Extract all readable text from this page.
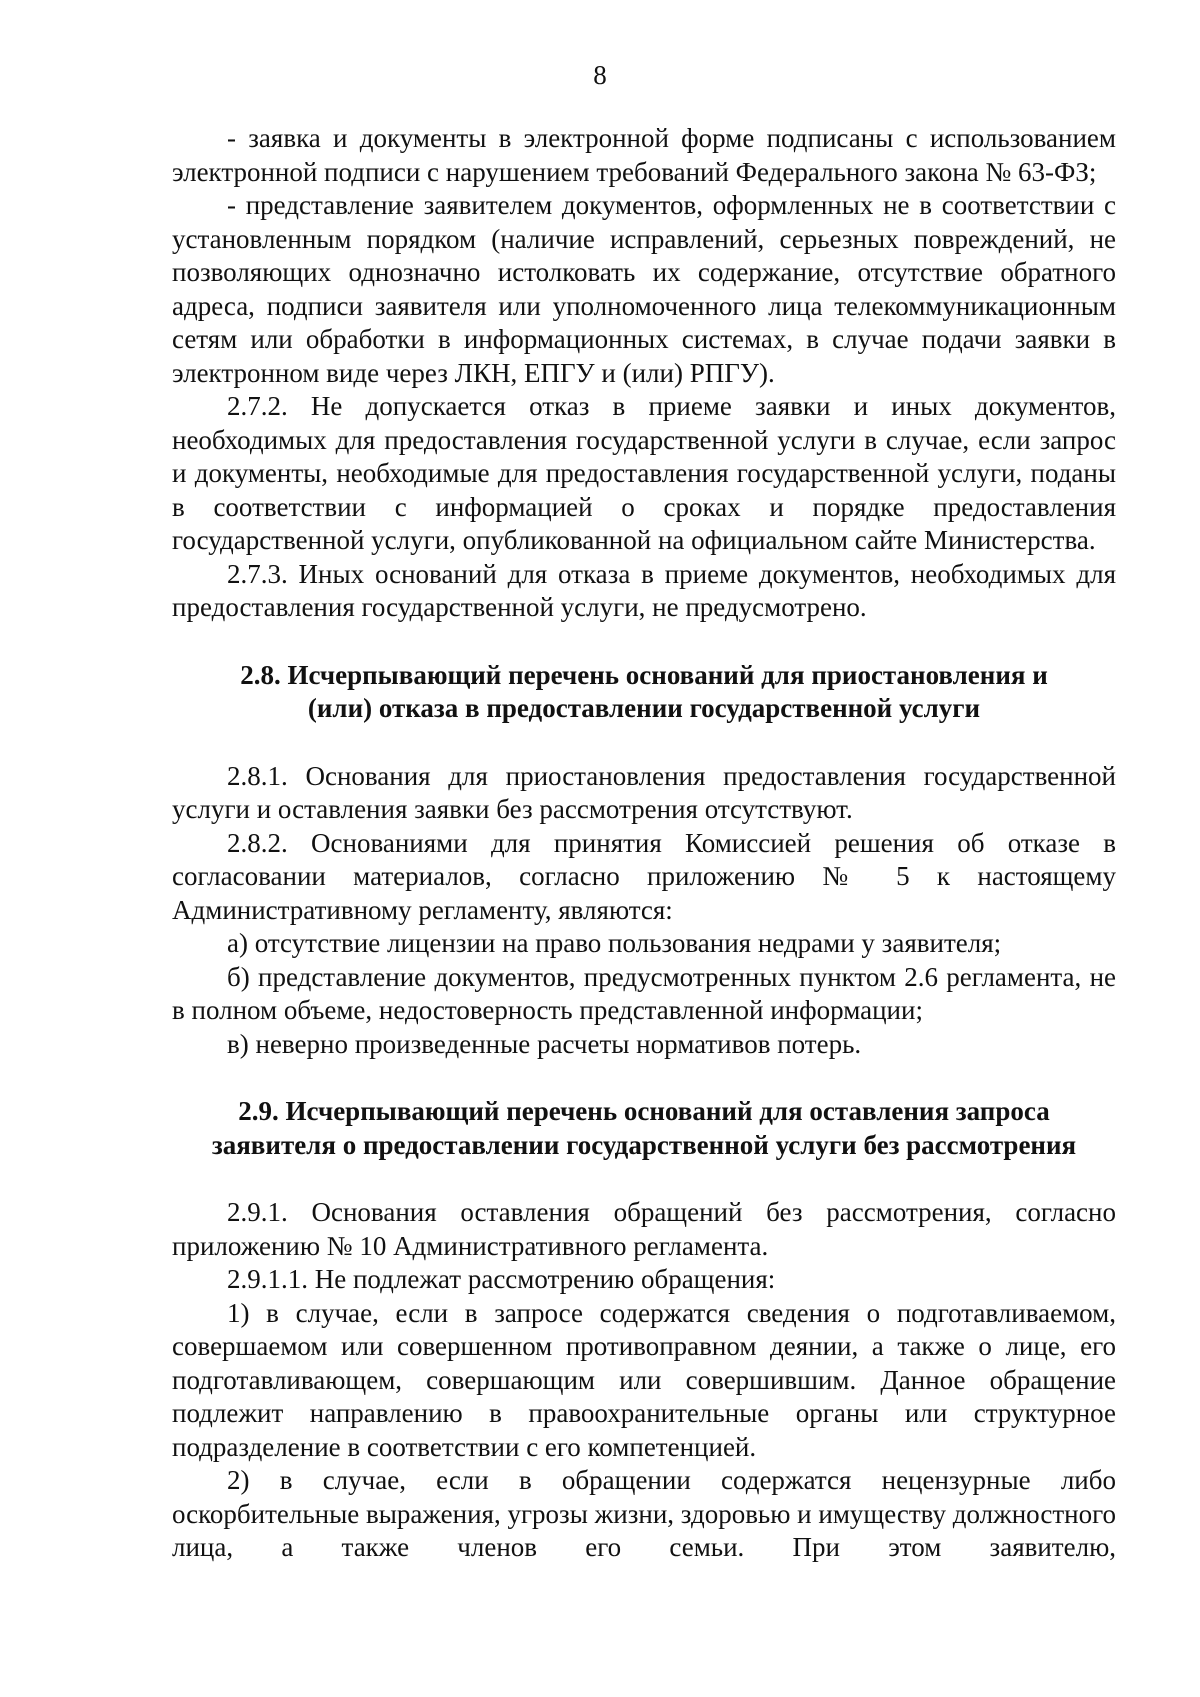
8

- заявка и документы в электронной форме подписаны с использованием электронной подписи с нарушением требований Федерального закона № 63-ФЗ;

- представление заявителем документов, оформленных не в соответствии с установленным порядком (наличие исправлений, серьезных повреждений, не позволяющих однозначно истолковать их содержание, отсутствие обратного адреса, подписи заявителя или уполномоченного лица телекоммуникационным сетям или обработки в информационных системах, в случае подачи заявки в электронном виде через ЛКН, ЕПГУ и (или) РПГУ).

2.7.2. Не допускается отказ в приеме заявки и иных документов, необходимых для предоставления государственной услуги в случае, если запрос и документы, необходимые для предоставления государственной услуги, поданы в соответствии с информацией о сроках и порядке предоставления государственной услуги, опубликованной на официальном сайте Министерства.

2.7.3. Иных оснований для отказа в приеме документов, необходимых для предоставления государственной услуги, не предусмотрено.

2.8. Исчерпывающий перечень оснований для приостановления и
(или) отказа в предоставлении государственной услуги

2.8.1. Основания для приостановления предоставления государственной услуги и оставления заявки без рассмотрения отсутствуют.

2.8.2. Основаниями для принятия Комиссией решения об отказе в согласовании материалов, согласно приложению № 5 к настоящему Административному регламенту, являются:

а) отсутствие лицензии на право пользования недрами у заявителя;

б) представление документов, предусмотренных пунктом 2.6 регламента, не в полном объеме, недостоверность представленной информации;

в) неверно произведенные расчеты нормативов потерь.

2.9. Исчерпывающий перечень оснований для оставления запроса
заявителя о предоставлении государственной услуги без рассмотрения

2.9.1. Основания оставления обращений без рассмотрения, согласно приложению № 10 Административного регламента.

2.9.1.1. Не подлежат рассмотрению обращения:

1) в случае, если в запросе содержатся сведения о подготавливаемом, совершаемом или совершенном противоправном деянии, а также о лице, его подготавливающем, совершающим или совершившим. Данное обращение подлежит направлению в правоохранительные органы или структурное подразделение в соответствии с его компетенцией.

2) в случае, если в обращении содержатся нецензурные либо оскорбительные выражения, угрозы жизни, здоровью и имуществу должностного лица, а также членов его семьи. При этом заявителю,
